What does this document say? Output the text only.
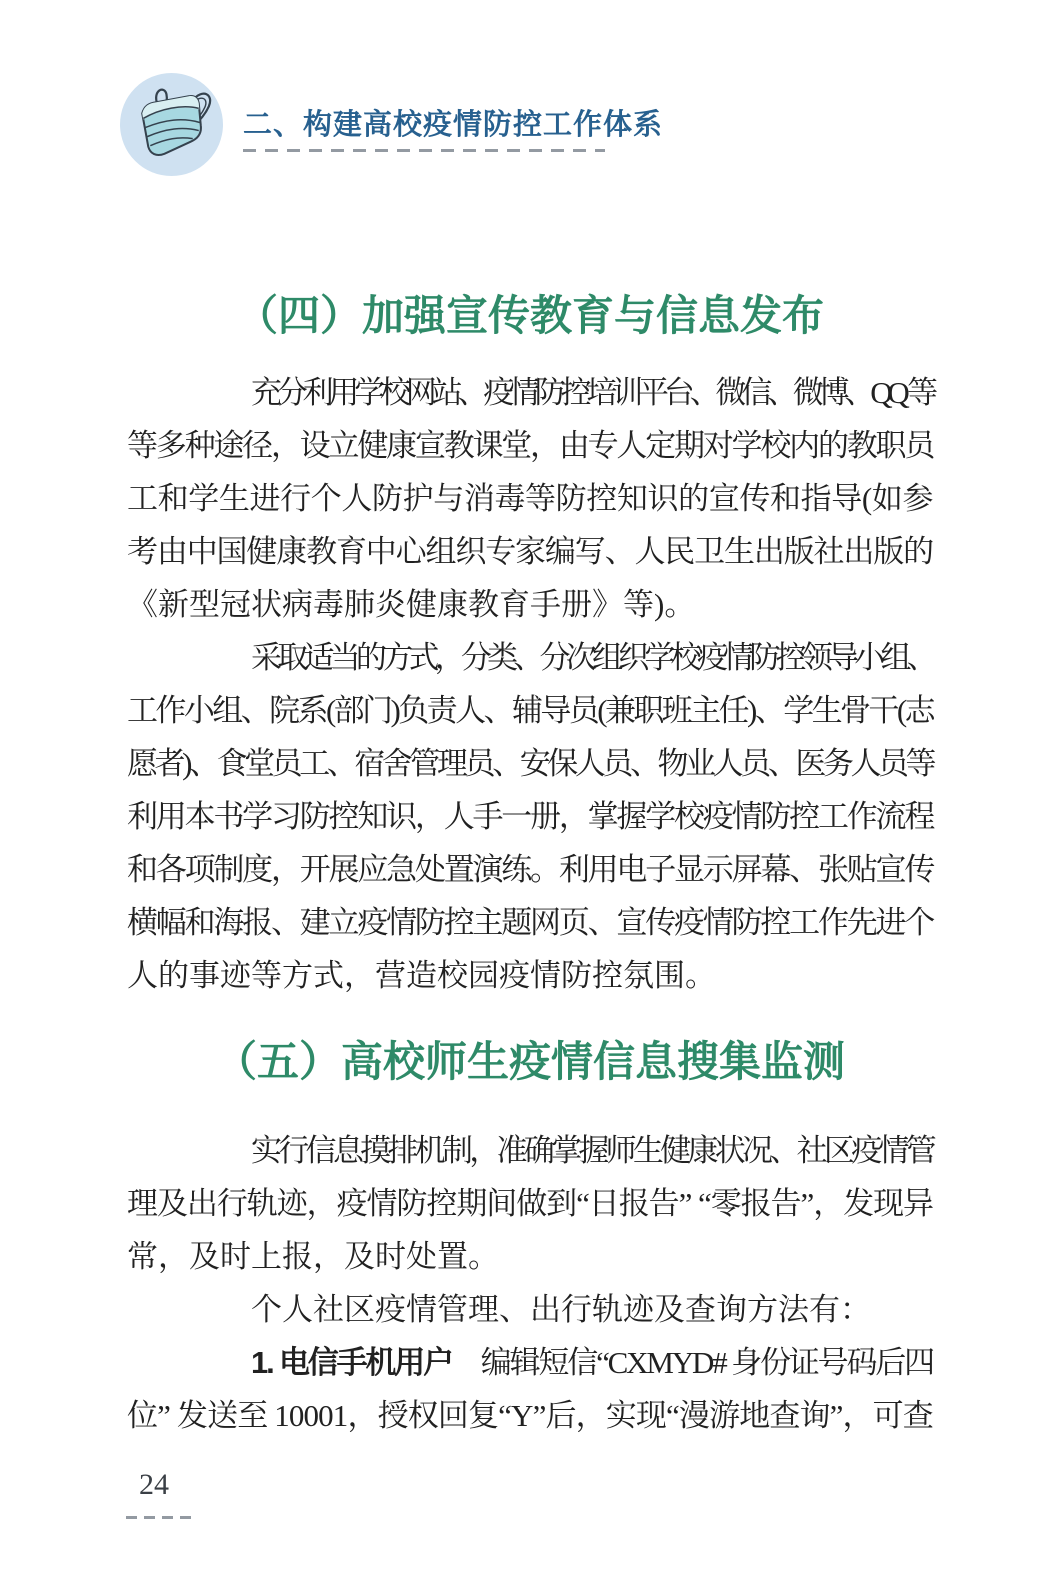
二、构建高校疫情防控工作体系
（四）加强宣传教育与信息发布
充分利用学校网站、疫情防控培训平台、微信、微博、QQ 等
等多种途径，设立健康宣教课堂，由专人定期对学校内的教职员
工和学生进行个人防护与消毒等防控知识的宣传和指导(如参
考由中国健康教育中心组织专家编写、人民卫生出版社出版的
《新型冠状病毒肺炎健康教育手册》等)。
采取适当的方式，分类、分次组织学校疫情防控领导小组、
工作小组、院系(部门)负责人、辅导员(兼职班主任)、学生骨干(志
愿者)、食堂员工、宿舍管理员、安保人员、物业人员、医务人员等
利用本书学习防控知识，人手一册，掌握学校疫情防控工作流程
和各项制度，开展应急处置演练。利用电子显示屏幕、张贴宣传
横幅和海报、建立疫情防控主题网页、宣传疫情防控工作先进个
人的事迹等方式，营造校园疫情防控氛围。
（五）高校师生疫情信息搜集监测
实行信息摸排机制，准确掌握师生健康状况、社区疫情管
理及出行轨迹，疫情防控期间做到“日报告” “零报告”，发现异
常，及时上报，及时处置。
个人社区疫情管理、出行轨迹及查询方法有：
1. 电信手机用户　编辑短信“CXMYD# 身份证号码后四
位” 发送至 10001，授权回复“Y”后，实现“漫游地查询”，可查
24
